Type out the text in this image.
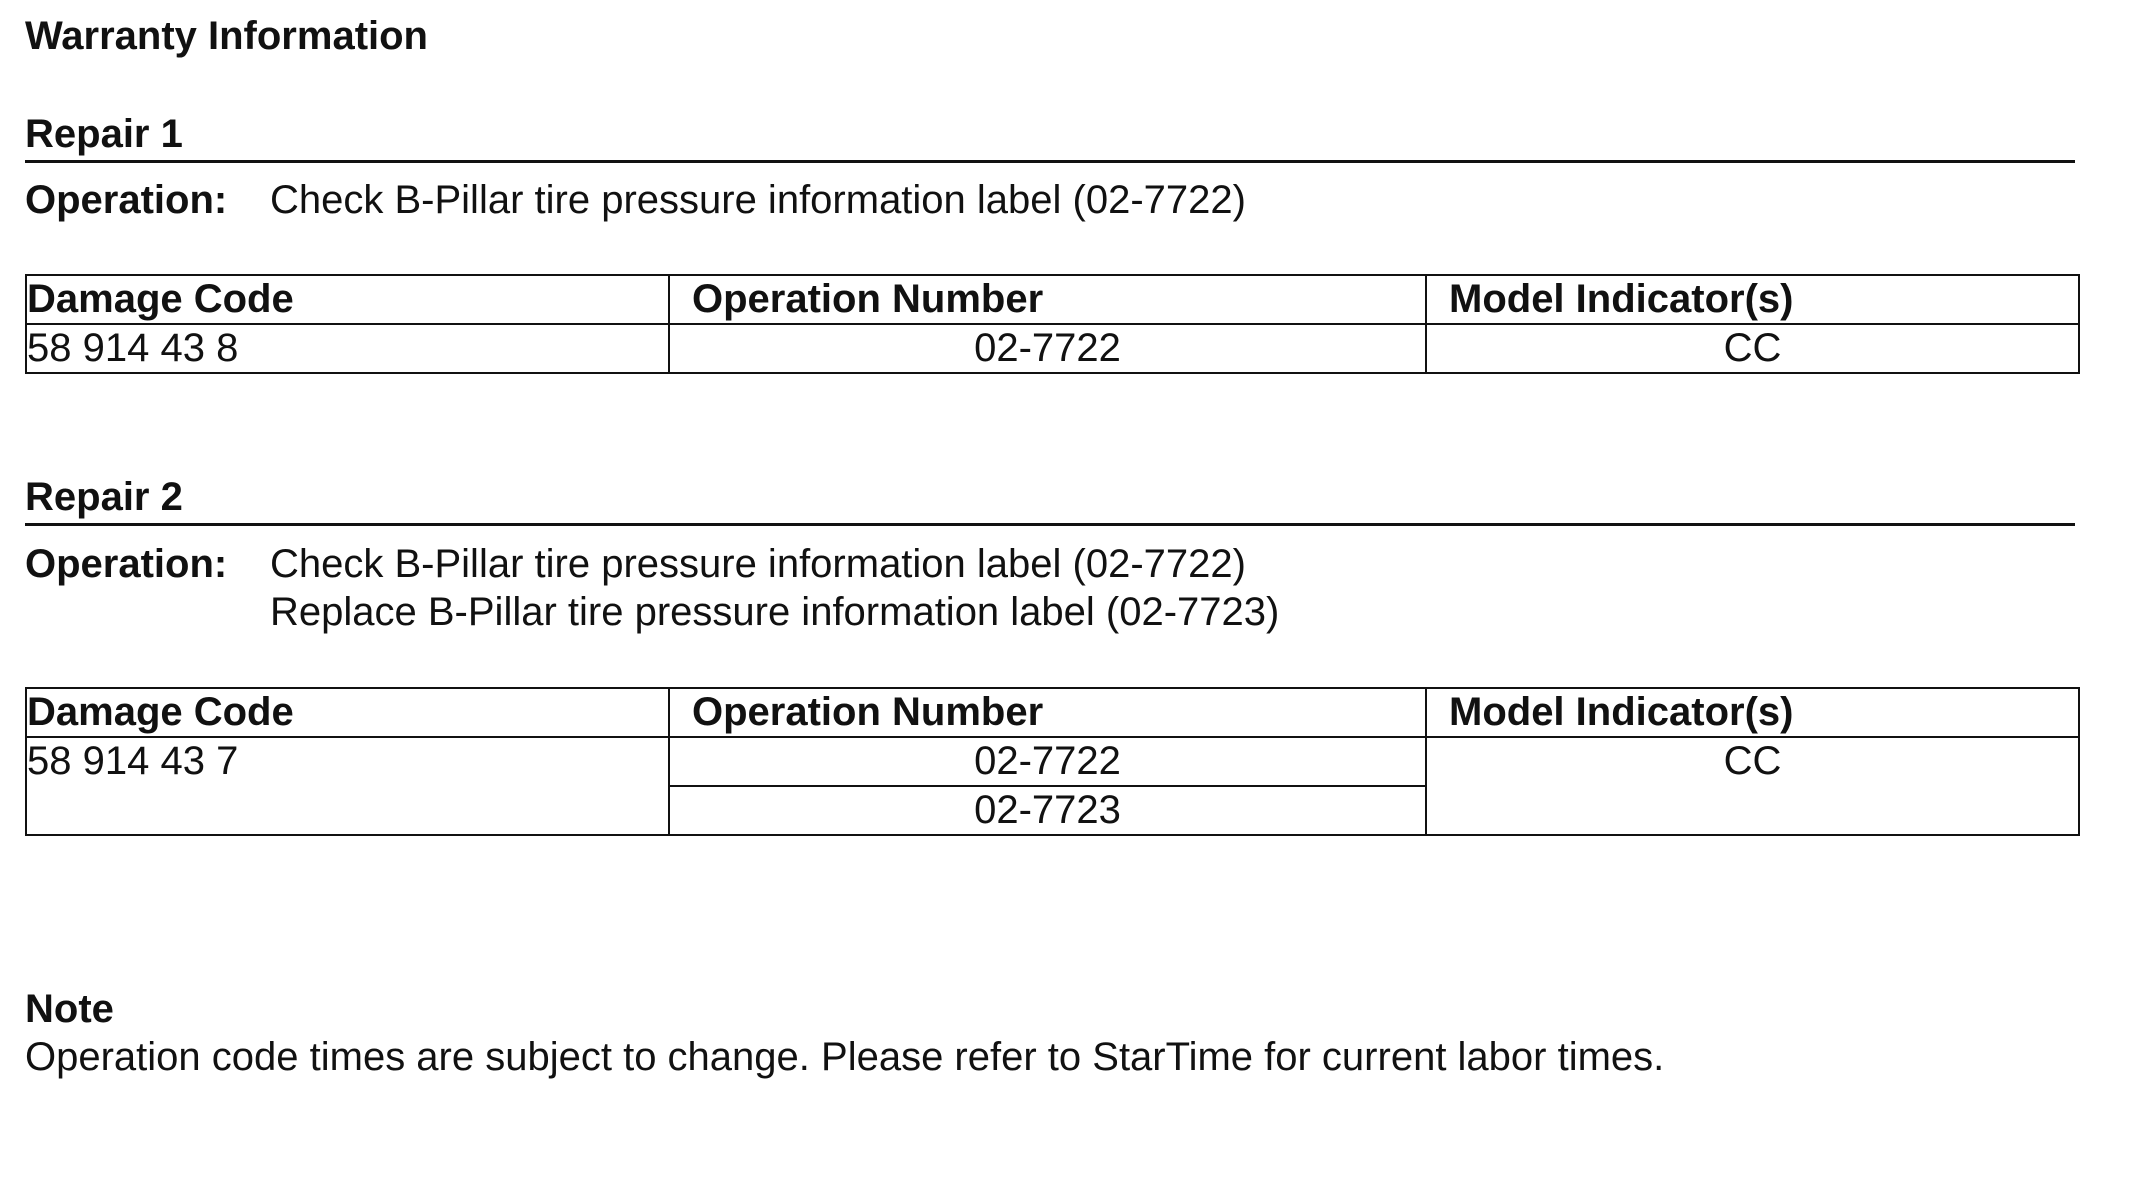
Warranty Information
Repair 1
Operation: Check B-Pillar tire pressure information label (02-7722)
Damage Code	Operation Number	Model Indicator(s)
58 914 43 8	02-7722	CC
Repair 2
Operation: Check B-Pillar tire pressure information label (02-7722)
Replace B-Pillar tire pressure information label (02-7723)
Damage Code	Operation Number	Model Indicator(s)
58 914 43 7	02-7722	CC
	02-7723	
Note
Operation code times are subject to change. Please refer to StarTime for current labor times.
